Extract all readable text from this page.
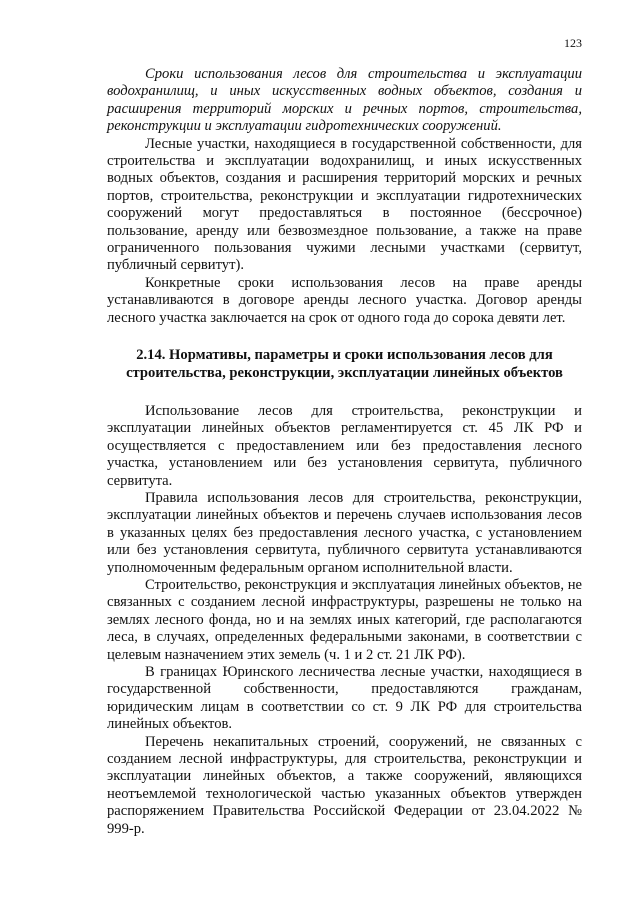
123

Сроки использования лесов для строительства и эксплуатации водохранилищ, и иных искусственных водных объектов, создания и расширения территорий морских и речных портов, строительства, реконструкции и эксплуатации гидротехнических сооружений.

Лесные участки, находящиеся в государственной собственности, для строительства и эксплуатации водохранилищ, и иных искусственных водных объектов, создания и расширения территорий морских и речных портов, строительства, реконструкции и эксплуатации гидротехнических сооружений могут предоставляться в постоянное (бессрочное) пользование, аренду или безвозмездное пользование, а также на праве ограниченного пользования чужими лесными участками (сервитут, публичный сервитут).

Конкретные сроки использования лесов на праве аренды устанавливаются в договоре аренды лесного участка. Договор аренды лесного участка заключается на срок от одного года до сорока девяти лет.

2.14. Нормативы, параметры и сроки использования лесов для строительства, реконструкции, эксплуатации линейных объектов

Использование лесов для строительства, реконструкции и эксплуатации линейных объектов регламентируется ст. 45 ЛК РФ и осуществляется с предоставлением или без предоставления лесного участка, установлением или без установления сервитута, публичного сервитута.

Правила использования лесов для строительства, реконструкции, эксплуатации линейных объектов и перечень случаев использования лесов в указанных целях без предоставления лесного участка, с установлением или без установления сервитута, публичного сервитута устанавливаются уполномоченным федеральным органом исполнительной власти.

Строительство, реконструкция и эксплуатация линейных объектов, не связанных с созданием лесной инфраструктуры, разрешены не только на землях лесного фонда, но и на землях иных категорий, где располагаются леса, в случаях, определенных федеральными законами, в соответствии с целевым назначением этих земель (ч. 1 и 2 ст. 21 ЛК РФ).

В границах Юринского лесничества лесные участки, находящиеся в государственной собственности, предоставляются гражданам, юридическим лицам в соответствии со ст. 9 ЛК РФ для строительства линейных объектов.

Перечень некапитальных строений, сооружений, не связанных с созданием лесной инфраструктуры, для строительства, реконструкции и эксплуатации линейных объектов, а также сооружений, являющихся неотъемлемой технологической частью указанных объектов утвержден распоряжением Правительства Российской Федерации от 23.04.2022 № 999-р.
